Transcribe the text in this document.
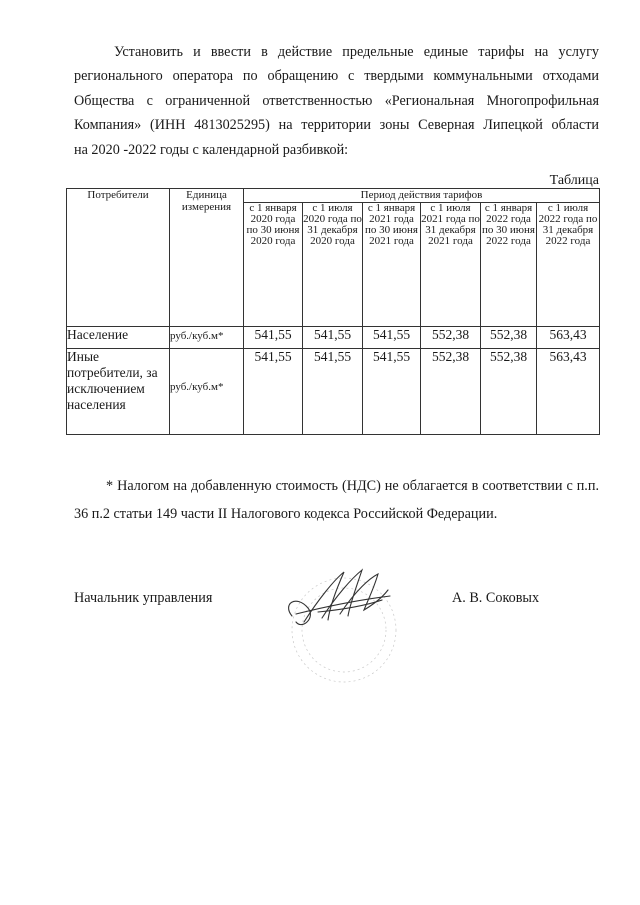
Установить и ввести в действие предельные единые тарифы на услугу
регионального оператора по обращению с твердыми коммунальными отходами
Общества с ограниченной ответственностью «Региональная Многопрофильная
Компания» (ИНН 4813025295) на территории зоны Северная Липецкой области
на 2020 -2022 годы с календарной разбивкой:
Таблица
Потребители	Единица измерения	Период действия тарифов					
		с 1 января 2020 года по 30 июня 2020 года	с 1 июля 2020 года по 31 декабря 2020 года	с 1 января 2021 года по 30 июня 2021 года	с 1 июля 2021 года по 31 декабря 2021 года	с 1 января 2022 года по 30 июня 2022 года	с 1 июля 2022 года по 31 декабря 2022 года
Население	руб./куб.м*	541,55	541,55	541,55	552,38	552,38	563,43
Иные потребители, за исключением населения	руб./куб.м*	541,55	541,55	541,55	552,38	552,38	563,43
* Налогом на добавленную стоимость (НДС) не облагается в соответствии с п.п. 36 п.2 статьи 149 части II Налогового кодекса Российской Федерации.
Начальник управления	А. В. Соковых
